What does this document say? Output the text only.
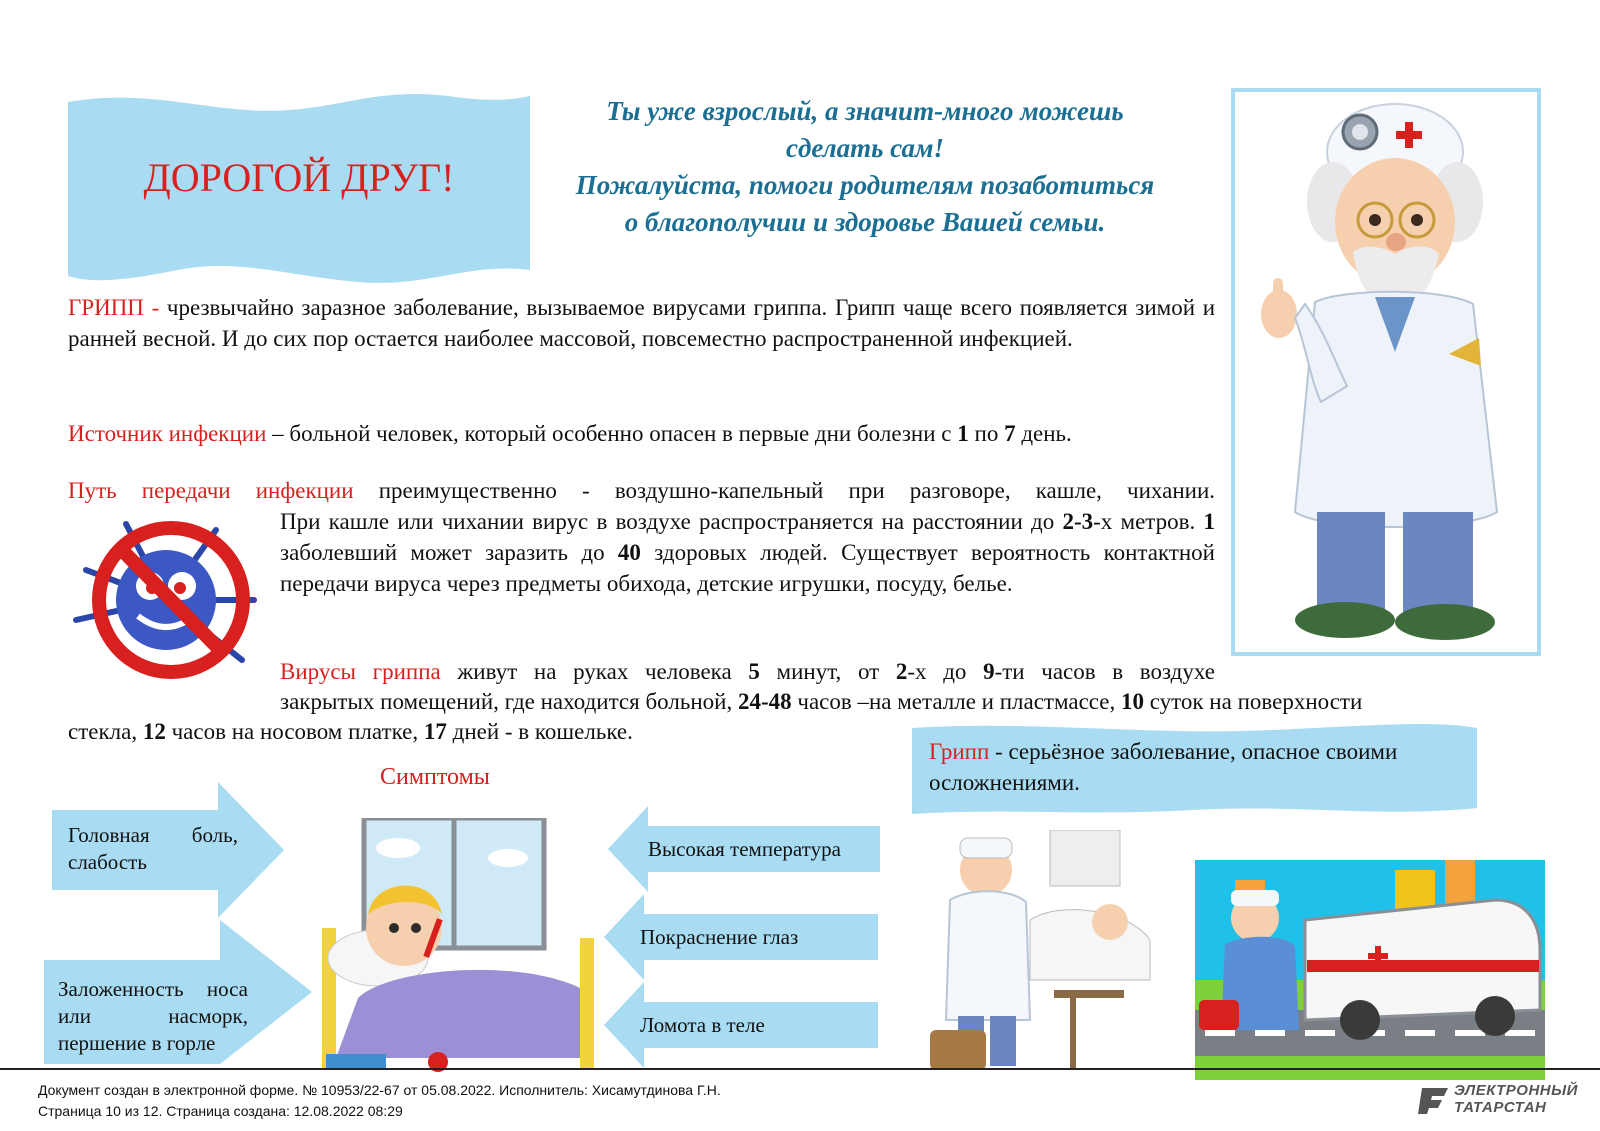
ДОРОГОЙ ДРУГ!
Ты уже взрослый, а значит-много можешь
сделать сам!
Пожалуйста, помоги родителям позаботиться
о благополучии и здоровье Вашей семьи.
ГРИПП - чрезвычайно заразное заболевание, вызываемое вирусами гриппа. Грипп чаще всего появляется зимой и ранней весной. И до сих пор остается наиболее массовой, повсеместно распространенной инфекцией.
Источник инфекции – больной человек, который особенно опасен в первые дни болезни с 1 по 7 день.
Путь передачи инфекции преимущественно - воздушно-капельный при разговоре, кашле, чихании.
При кашле или чихании вирус в воздухе распространяется на расстоянии до 2-3-х метров. 1 заболевший может заразить до 40 здоровых людей. Существует вероятность контактной передачи вируса через предметы обихода, детские игрушки, посуду, белье.
Вирусы гриппа живут на руках человека 5 минут, от 2-х до 9-ти часов в воздухе
закрытых помещений, где находится больной, 24-48 часов –на металле и пластмассе, 10 суток на поверхности
стекла, 12 часов на носовом платке, 17 дней - в кошельке.
Грипп - серьёзное заболевание, опасное своими осложнениями.
Симптомы
Головная боль, слабость
Заложенность носа или насморк, першение в горле
Высокая температура
Покраснение глаз
Ломота в теле
Документ создан в электронной форме. № 10953/22-67 от 05.08.2022. Исполнитель: Хисамутдинова Г.Н.
Страница 10 из 12. Страница создана: 12.08.2022 08:29
ЭЛЕКТРОННЫЙ
ТАТАРСТАН
